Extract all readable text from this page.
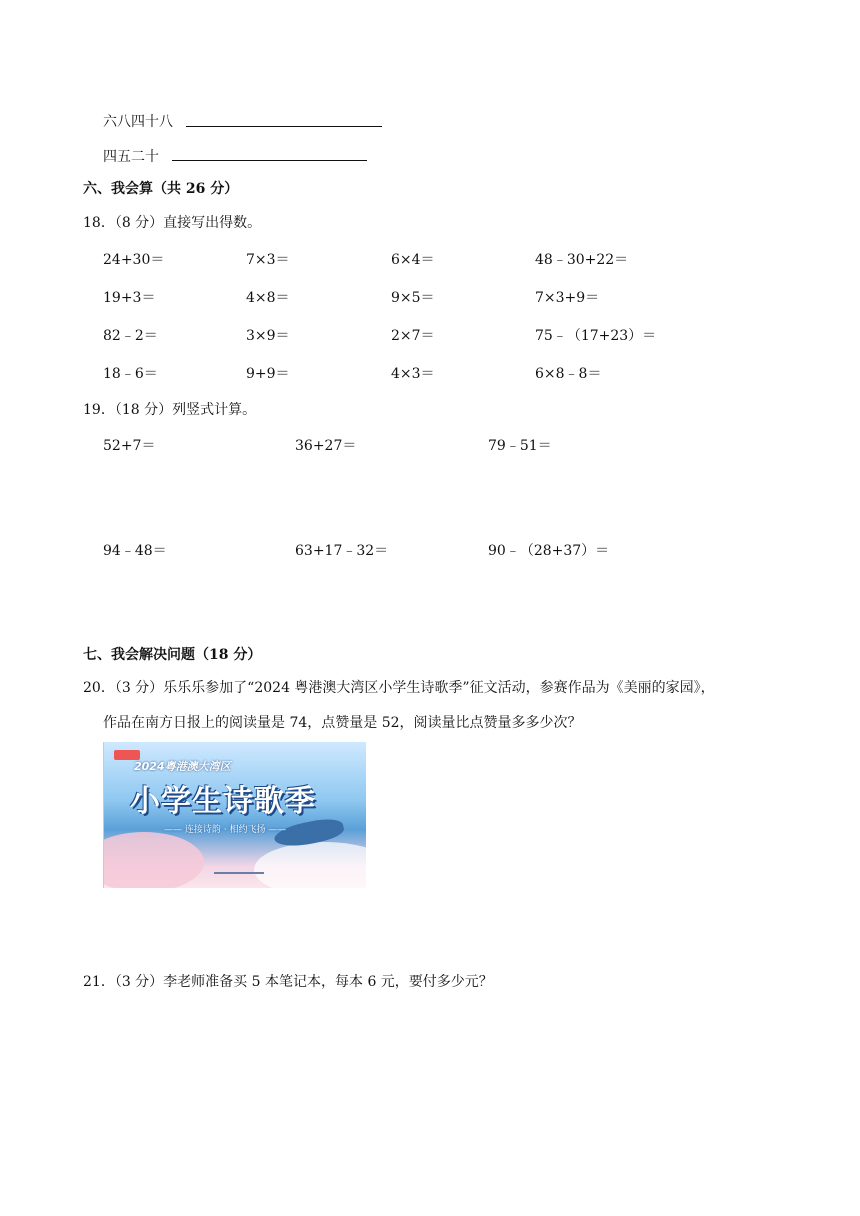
六八四十八
四五二十
六、我会算（共 26 分）
18．（8 分）直接写出得数。
24+30＝	7×3＝	6×4＝	48﹣30+22＝
19+3＝	4×8＝	9×5＝	7×3+9＝
82﹣2＝	3×9＝	2×7＝	75﹣（17+23）＝
18﹣6＝	9+9＝	4×3＝	6×8﹣8＝
19．（18 分）列竖式计算。
52+7＝	36+27＝	79﹣51＝
94﹣48＝	63+17﹣32＝	90﹣（28+37）＝
七、我会解决问题（18 分）
20．（3 分）乐乐乐参加了“2024 粤港澳大湾区小学生诗歌季”征文活动，参赛作品为《美丽的家园》，
作品在南方日报上的阅读量是 74，点赞量是 52，阅读量比点赞量多多少次？
2024粤港澳大湾区
小学生诗歌季
—— 连接诗韵 · 相约飞扬 ——
21．（3 分）李老师准备买 5 本笔记本，每本 6 元，要付多少元？
